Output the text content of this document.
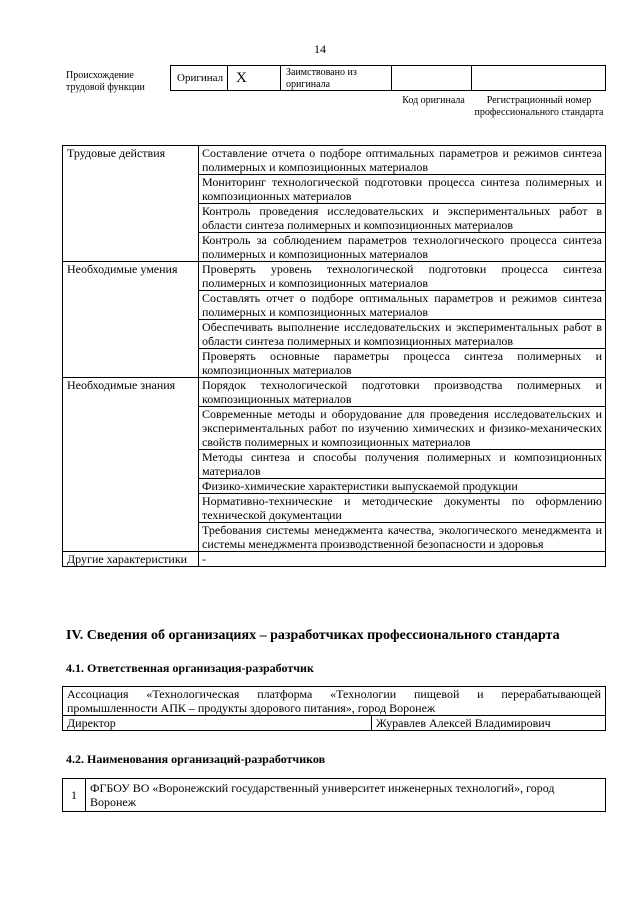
14
Происхождение трудовой функции
Оригинал X	Заимствовано из оригинала
Код оригинала	Регистрационный номер профессионального стандарта
Трудовые действия	Составление отчета о подборе оптимальных параметров и режимов синтеза полимерных и композиционных материалов
	Мониторинг технологической подготовки процесса синтеза полимерных и композиционных материалов
	Контроль проведения исследовательских и экспериментальных работ в области синтеза полимерных и композиционных материалов
	Контроль за соблюдением параметров технологического процесса синтеза полимерных и композиционных материалов
Необходимые умения	Проверять уровень технологической подготовки процесса синтеза полимерных и композиционных материалов
	Составлять отчет о подборе оптимальных параметров и режимов синтеза полимерных и композиционных материалов
	Обеспечивать выполнение исследовательских и экспериментальных работ в области синтеза полимерных и композиционных материалов
	Проверять основные параметры процесса синтеза полимерных и композиционных материалов
Необходимые знания	Порядок технологической подготовки производства полимерных и композиционных материалов
	Современные методы и оборудование для проведения исследовательских и экспериментальных работ по изучению химических и физико-механических свойств полимерных и композиционных материалов
	Методы синтеза и способы получения полимерных и композиционных материалов
	Физико-химические характеристики выпускаемой продукции
	Нормативно-технические и методические документы по оформлению технической документации
	Требования системы менеджмента качества, экологического менеджмента и системы менеджмента производственной безопасности и здоровья
Другие характеристики	-
IV. Сведения об организациях – разработчиках профессионального стандарта
4.1. Ответственная организация-разработчик
Ассоциация «Технологическая платформа «Технологии пищевой и перерабатывающей промышленности АПК – продукты здорового питания», город Воронеж
Директор	Журавлев Алексей Владимирович
4.2. Наименования организаций-разработчиков
1	ФГБОУ ВО «Воронежский государственный университет инженерных технологий», город Воронеж
